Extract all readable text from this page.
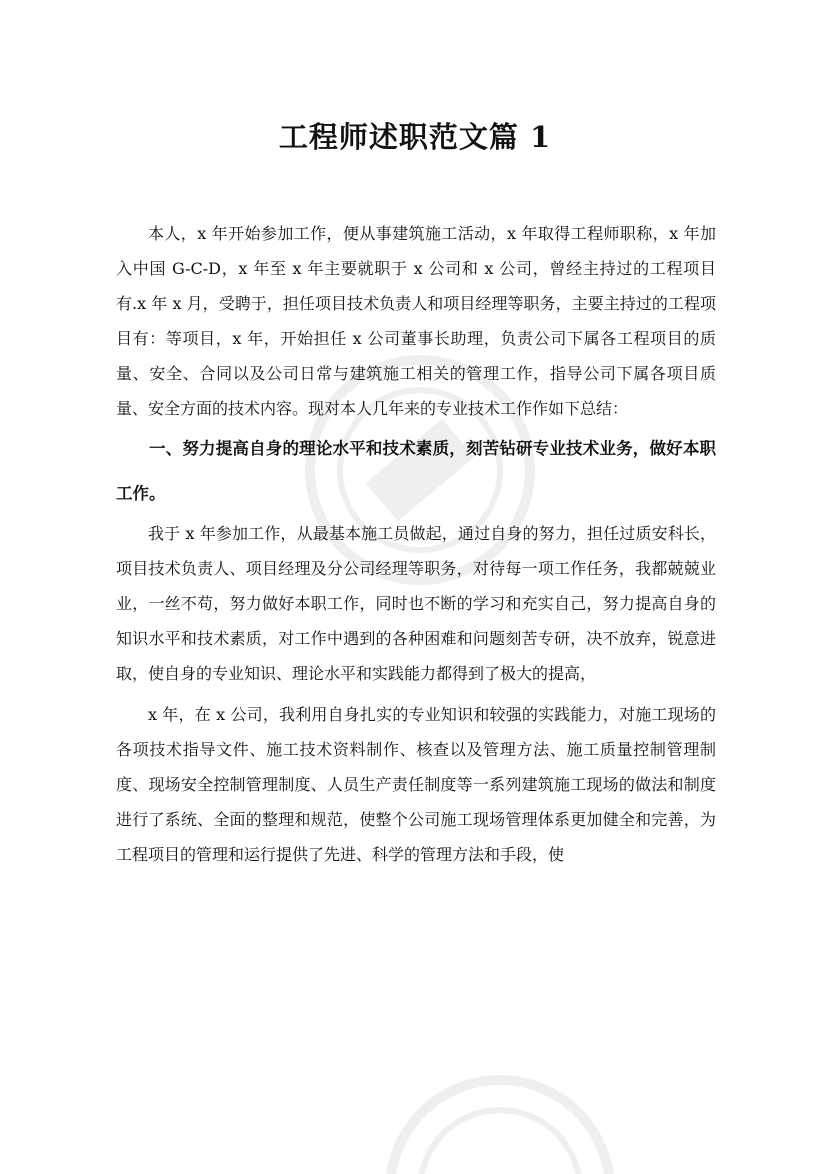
工程师述职范文篇 1

本人，x 年开始参加工作，便从事建筑施工活动，x 年取得工程师职称，x 年加入中国 G-C-D，x 年至 x 年主要就职于 x 公司和 x 公司，曾经主持过的工程项目有.x 年 x 月，受聘于，担任项目技术负责人和项目经理等职务，主要主持过的工程项目有：等项目，x 年，开始担任 x 公司董事长助理，负责公司下属各工程项目的质量、安全、合同以及公司日常与建筑施工相关的管理工作，指导公司下属各项目质量、安全方面的技术内容。现对本人几年来的专业技术工作作如下总结：

一、努力提高自身的理论水平和技术素质，刻苦钻研专业技术业务，做好本职工作。

我于 x 年参加工作，从最基本施工员做起，通过自身的努力，担任过质安科长，项目技术负责人、项目经理及分公司经理等职务，对待每一项工作任务，我都兢兢业业，一丝不苟，努力做好本职工作，同时也不断的学习和充实自己，努力提高自身的知识水平和技术素质，对工作中遇到的各种困难和问题刻苦专研，决不放弃，锐意进取，使自身的专业知识、理论水平和实践能力都得到了极大的提高，

x 年，在 x 公司，我利用自身扎实的专业知识和较强的实践能力，对施工现场的各项技术指导文件、施工技术资料制作、核查以及管理方法、施工质量控制管理制度、现场安全控制管理制度、人员生产责任制度等一系列建筑施工现场的做法和制度进行了系统、全面的整理和规范，使整个公司施工现场管理体系更加健全和完善，为工程项目的管理和运行提供了先进、科学的管理方法和手段，使
